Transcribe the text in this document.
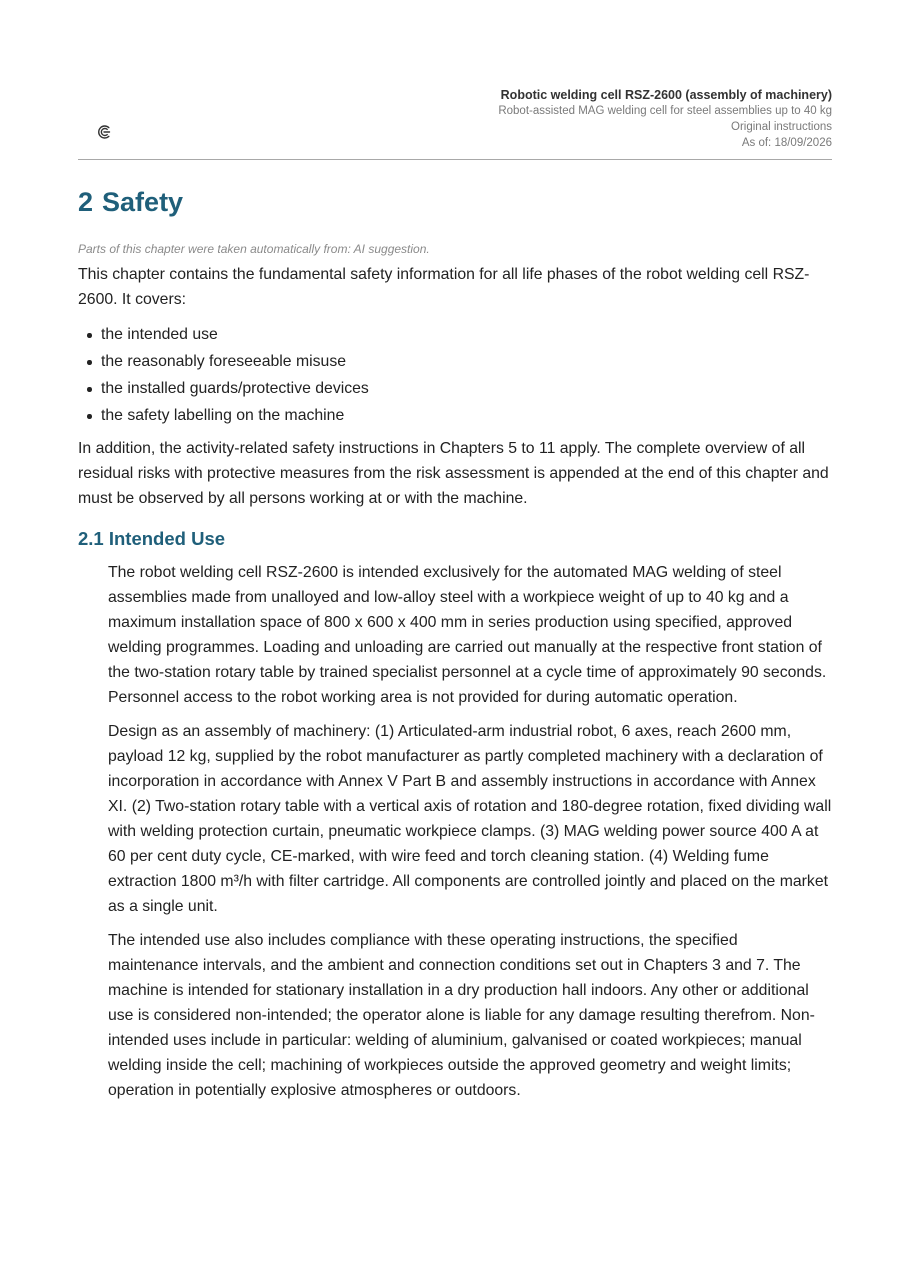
Robotic welding cell RSZ-2600 (assembly of machinery)
Robot-assisted MAG welding cell for steel assemblies up to 40 kg
Original instructions
As of: 18/09/2026
2 Safety
Parts of this chapter were taken automatically from: AI suggestion.

This chapter contains the fundamental safety information for all life phases of the robot welding cell RSZ-2600. It covers:

the intended use
the reasonably foreseeable misuse
the installed guards/protective devices
the safety labelling on the machine

In addition, the activity-related safety instructions in Chapters 5 to 11 apply. The complete overview of all residual risks with protective measures from the risk assessment is appended at the end of this chapter and must be observed by all persons working at or with the machine.

2.1 Intended Use

The robot welding cell RSZ-2600 is intended exclusively for the automated MAG welding of steel assemblies made from unalloyed and low-alloy steel with a workpiece weight of up to 40 kg and a maximum installation space of 800 x 600 x 400 mm in series production using specified, approved welding programmes. Loading and unloading are carried out manually at the respective front station of the two-station rotary table by trained specialist personnel at a cycle time of approximately 90 seconds. Personnel access to the robot working area is not provided for during automatic operation.

Design as an assembly of machinery: (1) Articulated-arm industrial robot, 6 axes, reach 2600 mm, payload 12 kg, supplied by the robot manufacturer as partly completed machinery with a declaration of incorporation in accordance with Annex V Part B and assembly instructions in accordance with Annex XI. (2) Two-station rotary table with a vertical axis of rotation and 180-degree rotation, fixed dividing wall with welding protection curtain, pneumatic workpiece clamps. (3) MAG welding power source 400 A at 60 per cent duty cycle, CE-marked, with wire feed and torch cleaning station. (4) Welding fume extraction 1800 m³/h with filter cartridge. All components are controlled jointly and placed on the market as a single unit.

The intended use also includes compliance with these operating instructions, the specified maintenance intervals, and the ambient and connection conditions set out in Chapters 3 and 7. The machine is intended for stationary installation in a dry production hall indoors. Any other or additional use is considered non-intended; the operator alone is liable for any damage resulting therefrom. Non-intended uses include in particular: welding of aluminium, galvanised or coated workpieces; manual welding inside the cell; machining of workpieces outside the approved geometry and weight limits; operation in potentially explosive atmospheres or outdoors.
